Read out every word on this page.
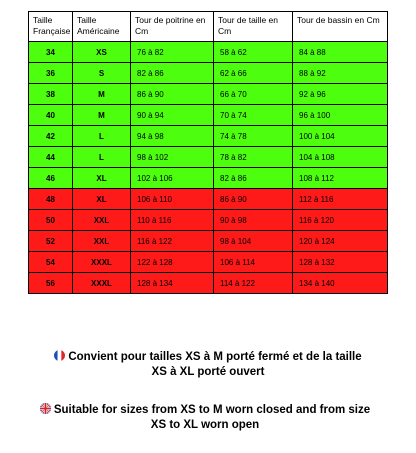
Taille Française	Taille Américaine	Tour de poitrine en Cm	Tour de taille en Cm	Tour de bassin en Cm
34	XS	76 à 82	58 à 62	84 à 88
36	S	82 à 86	62 à 66	88 à 92
38	M	86 à 90	66 à 70	92 à 96
40	M	90 à 94	70 à 74	96 à 100
42	L	94 à 98	74 à 78	100 à 104
44	L	98 à 102	78 à 82	104 à 108
46	XL	102 à 106	82 à 86	108 à 112
48	XL	106 à 110	86 à 90	112 à 116
50	XXL	110 à 116	90 à 98	116 à 120
52	XXL	116 à 122	98 à 104	120 à 124
54	XXXL	122 à 128	106 à 114	128 à 132
56	XXXL	128 à 134	114 à 122	134 à 140
Convient pour tailles XS à M porté fermé et de la taille
XS à XL porté ouvert
Suitable for sizes from XS to M worn closed and from size
XS to XL worn open
